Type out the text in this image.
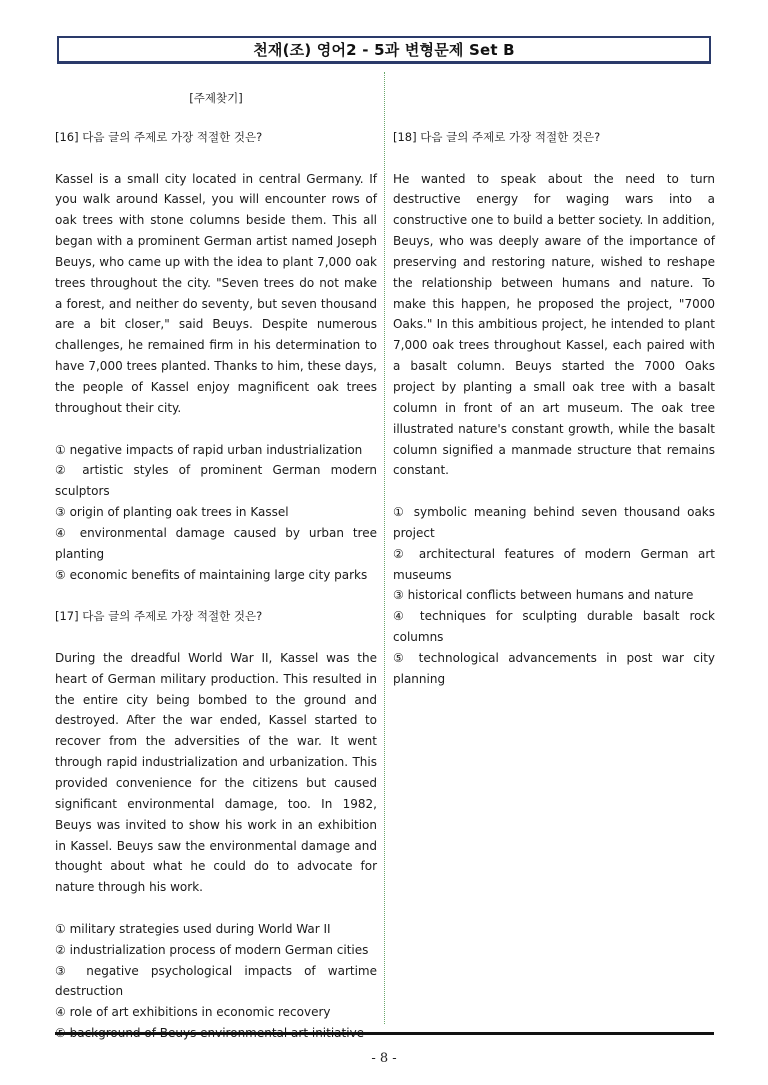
천재(조) 영어2 - 5과 변형문제 Set B
[주제찾기]

[16] 다음 글의 주제로 가장 적절한 것은?

Kassel is a small city located in central Germany. If you walk around Kassel, you will encounter rows of oak trees with stone columns beside them. This all began with a prominent German artist named Joseph Beuys, who came up with the idea to plant 7,000 oak trees throughout the city. "Seven trees do not make a forest, and neither do seventy, but seven thousand are a bit closer," said Beuys. Despite numerous challenges, he remained firm in his determination to have 7,000 trees planted. Thanks to him, these days, the people of Kassel enjoy magnificent oak trees throughout their city.

① negative impacts of rapid urban industrialization
② artistic styles of prominent German modern sculptors
③ origin of planting oak trees in Kassel
④ environmental damage caused by urban tree planting
⑤ economic benefits of maintaining large city parks

[17] 다음 글의 주제로 가장 적절한 것은?

During the dreadful World War II, Kassel was the heart of German military production. This resulted in the entire city being bombed to the ground and destroyed. After the war ended, Kassel started to recover from the adversities of the war. It went through rapid industrialization and urbanization. This provided convenience for the citizens but caused significant environmental damage, too. In 1982, Beuys was invited to show his work in an exhibition in Kassel. Beuys saw the environmental damage and thought about what he could do to advocate for nature through his work.

① military strategies used during World War II
② industrialization process of modern German cities
③ negative psychological impacts of wartime destruction
④ role of art exhibitions in economic recovery

[18] 다음 글의 주제로 가장 적절한 것은?

He wanted to speak about the need to turn destructive energy for waging wars into a constructive one to build a better society. In addition, Beuys, who was deeply aware of the importance of preserving and restoring nature, wished to reshape the relationship between humans and nature. To make this happen, he proposed the project, "7000 Oaks." In this ambitious project, he intended to plant 7,000 oak trees throughout Kassel, each paired with a basalt column. Beuys started the 7000 Oaks project by planting a small oak tree with a basalt column in front of an art museum. The oak tree illustrated nature's constant growth, while the basalt column signified a manmade structure that remains constant.

① symbolic meaning behind seven thousand oaks project
② architectural features of modern German art museums
③ historical conflicts between humans and nature
④ techniques for sculpting durable basalt rock columns
⑤ technological advancements in post war city planning
- 8 -
